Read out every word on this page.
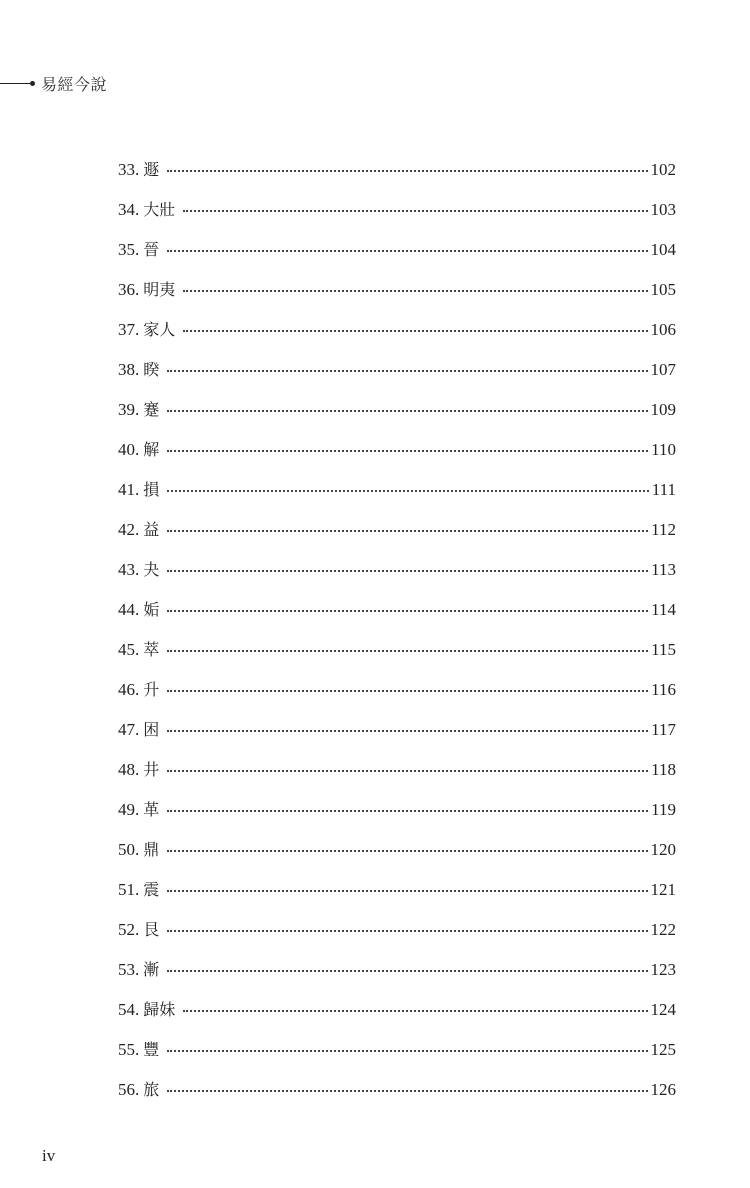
易經今說
33. 遯	102
34. 大壯	103
35. 晉	104
36. 明夷	105
37. 家人	106
38. 睽	107
39. 蹇	109
40. 解	110
41. 損	111
42. 益	112
43. 夬	113
44. 姤	114
45. 萃	115
46. 升	116
47. 困	117
48. 井	118
49. 革	119
50. 鼎	120
51. 震	121
52. 艮	122
53. 漸	123
54. 歸妹	124
55. 豐	125
56. 旅	126
iv
